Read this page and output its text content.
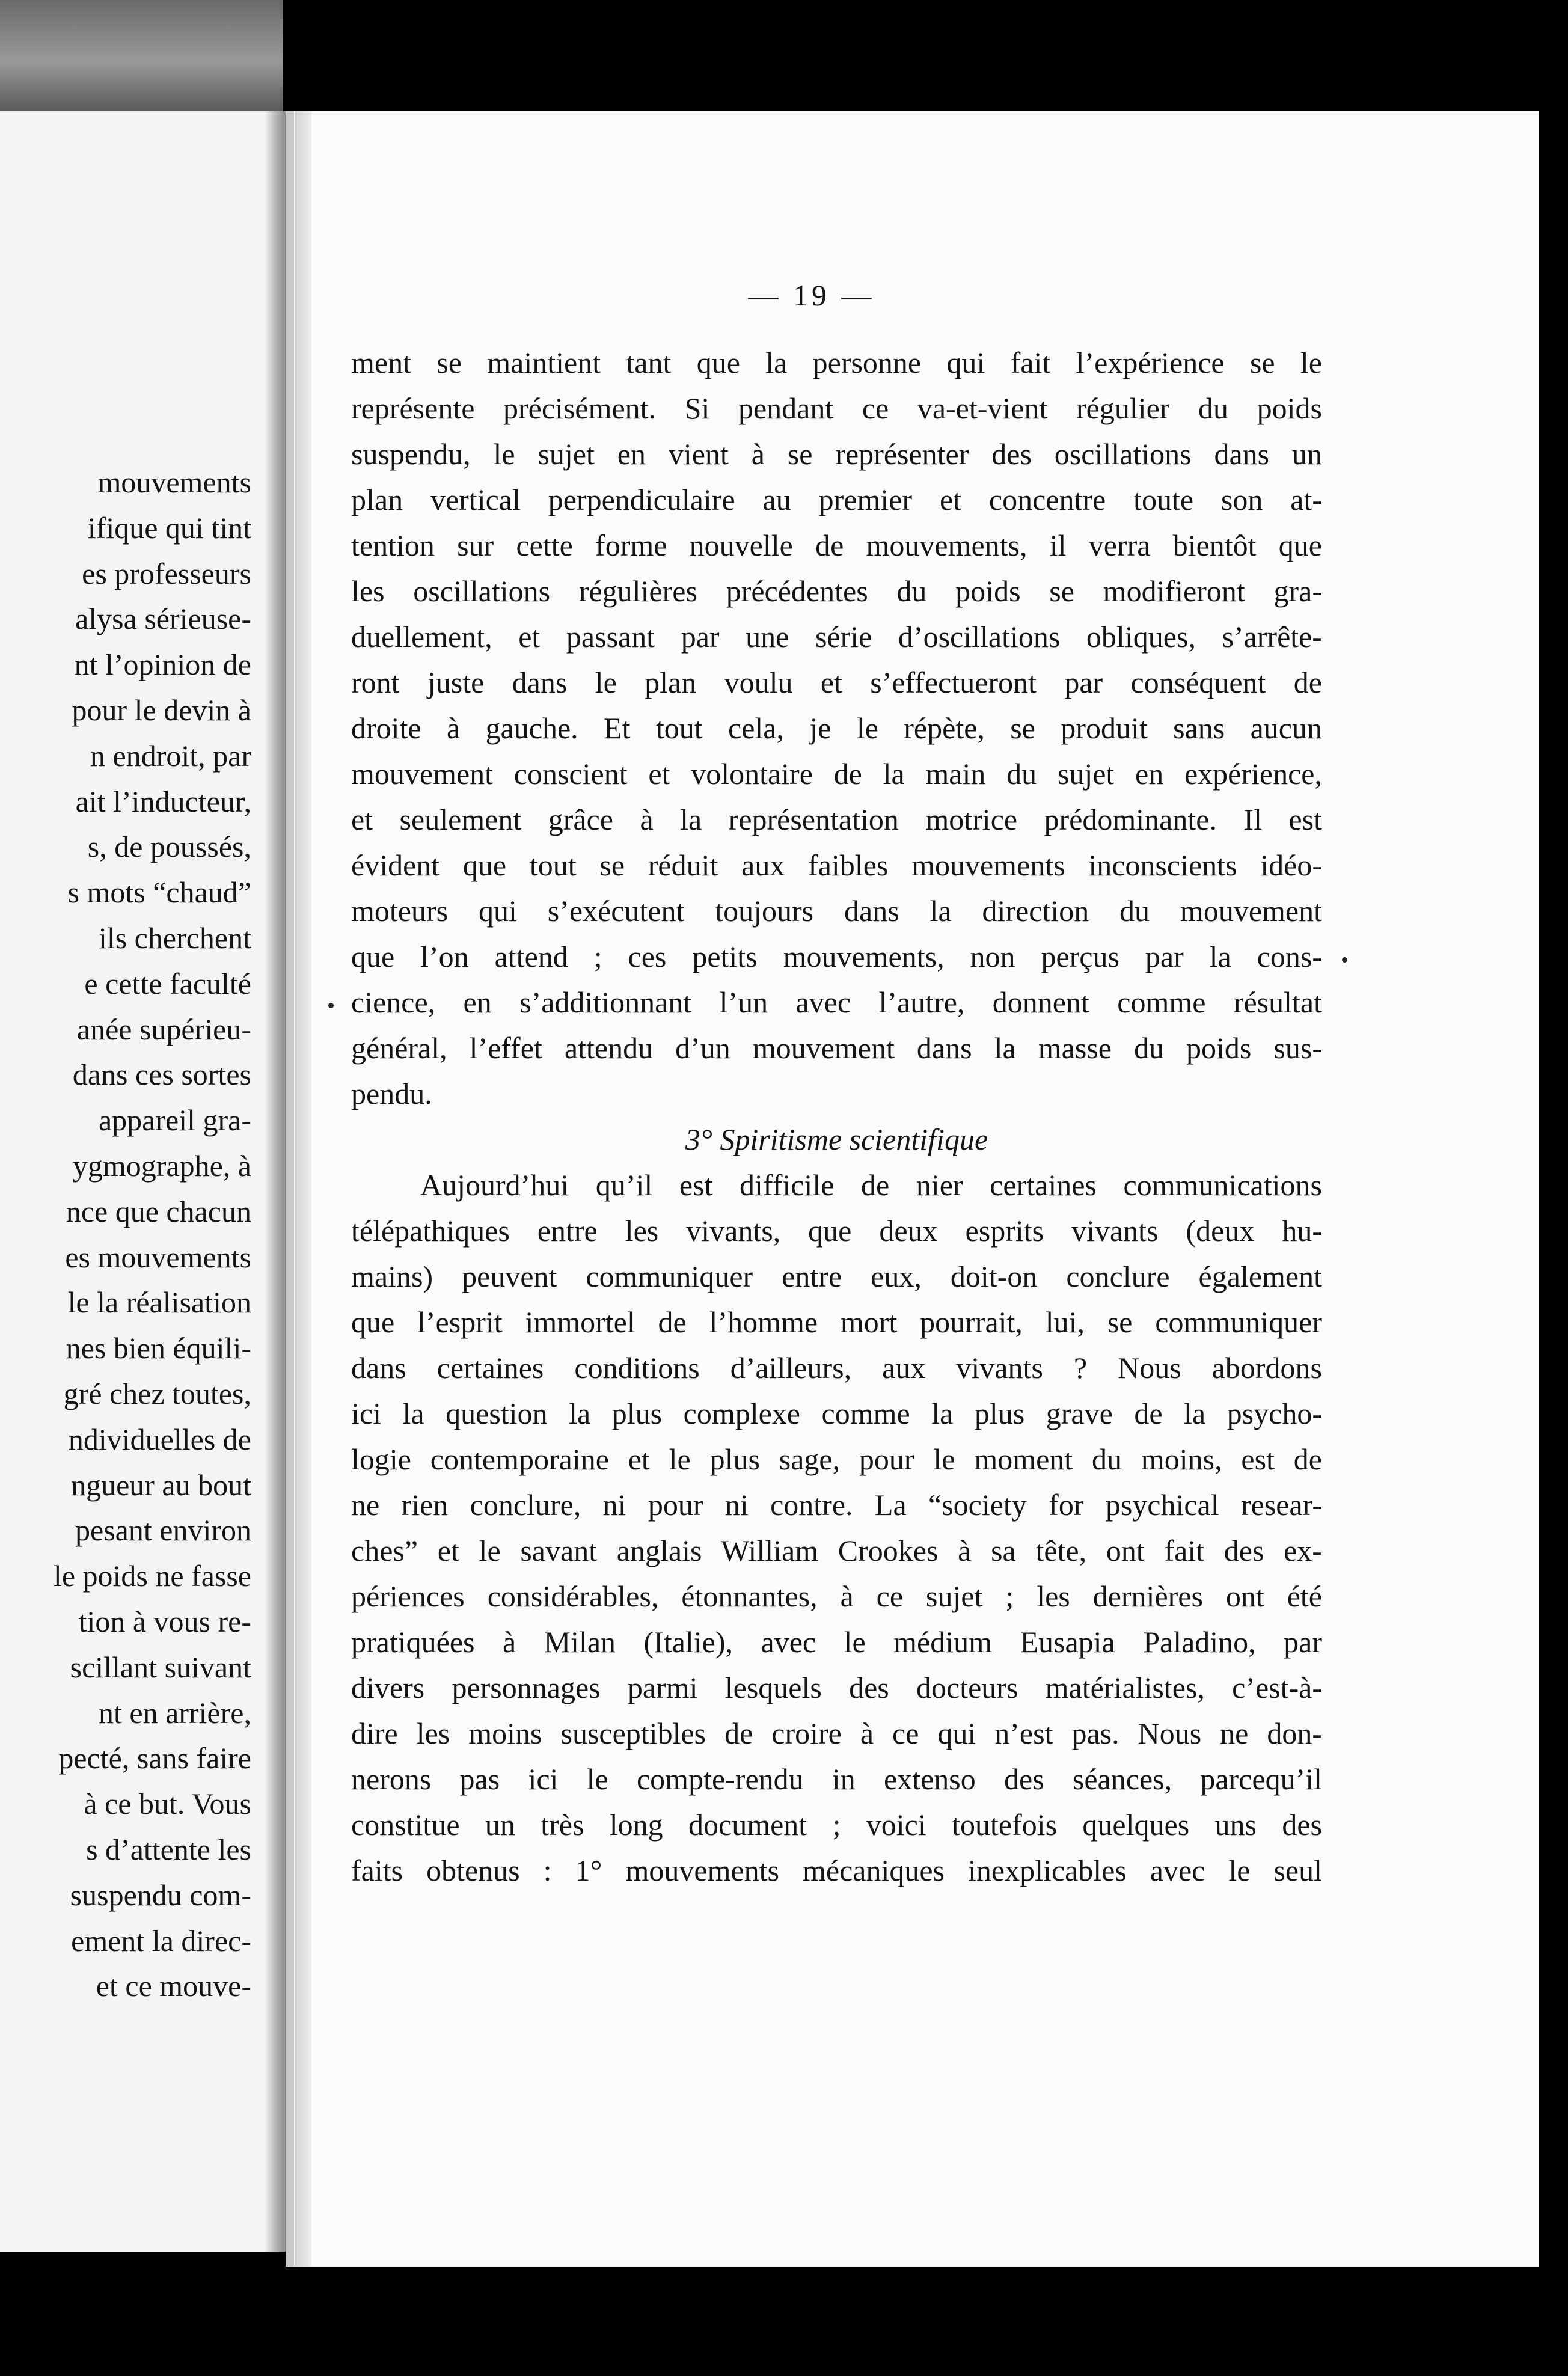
mouvements
ifique qui tint
es professeurs
alysa sérieuse-
nt l’opinion de
pour le devin à
n endroit, par
ait l’inducteur,
s, de poussés,
s mots “chaud”
ils cherchent
e cette faculté
anée supérieu-
dans ces sortes
appareil gra-
ygmographe, à
nce que chacun
es mouvements
le la réalisation
nes bien équili-
gré chez toutes,
ndividuelles de
ngueur au bout
pesant environ
le poids ne fasse
tion à vous re-
scillant suivant
nt en arrière,
pecté, sans faire
à ce but. Vous
s d’attente les
suspendu com-
ement la direc-
et ce mouve-
— 19 —
ment se maintient tant que la personne qui fait l’expérience se le
représente précisément. Si pendant ce va-et-vient régulier du poids
suspendu, le sujet en vient à se représenter des oscillations dans un
plan vertical perpendiculaire au premier et concentre toute son at-
tention sur cette forme nouvelle de mouvements, il verra bientôt que
les oscillations régulières précédentes du poids se modifieront gra-
duellement, et passant par une série d’oscillations obliques, s’arrête-
ront juste dans le plan voulu et s’effectueront par conséquent de
droite à gauche. Et tout cela, je le répète, se produit sans aucun
mouvement conscient et volontaire de la main du sujet en expérience,
et seulement grâce à la représentation motrice prédominante. Il est
évident que tout se réduit aux faibles mouvements inconscients idéo-
moteurs qui s’exécutent toujours dans la direction du mouvement
que l’on attend ; ces petits mouvements, non perçus par la cons-
cience, en s’additionnant l’un avec l’autre, donnent comme résultat
général, l’effet attendu d’un mouvement dans la masse du poids sus-
pendu.
3° Spiritisme scientifique
Aujourd’hui qu’il est difficile de nier certaines communications
télépathiques entre les vivants, que deux esprits vivants (deux hu-
mains) peuvent communiquer entre eux, doit-on conclure également
que l’esprit immortel de l’homme mort pourrait, lui, se communiquer
dans certaines conditions d’ailleurs, aux vivants ? Nous abordons
ici la question la plus complexe comme la plus grave de la psycho-
logie contemporaine et le plus sage, pour le moment du moins, est de
ne rien conclure, ni pour ni contre. La “society for psychical resear-
ches” et le savant anglais William Crookes à sa tête, ont fait des ex-
périences considérables, étonnantes, à ce sujet ; les dernières ont été
pratiquées à Milan (Italie), avec le médium Eusapia Paladino, par
divers personnages parmi lesquels des docteurs matérialistes, c’est-à-
dire les moins susceptibles de croire à ce qui n’est pas. Nous ne don-
nerons pas ici le compte-rendu in extenso des séances, parcequ’il
constitue un très long document ; voici toutefois quelques uns des
faits obtenus : 1° mouvements mécaniques inexplicables avec le seul
